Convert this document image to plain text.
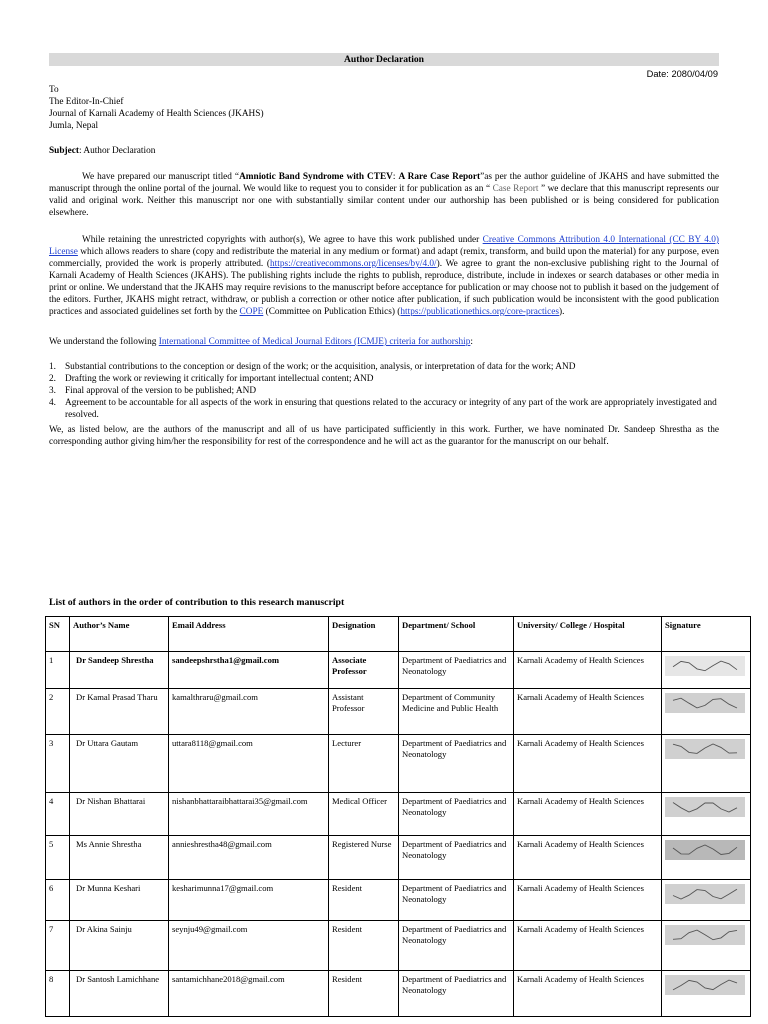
Author Declaration
Date: 2080/04/09
To
The Editor-In-Chief
Journal of Karnali Academy of Health Sciences (JKAHS)
Jumla, Nepal
Subject: Author Declaration
We have prepared our manuscript titled “Amniotic Band Syndrome with CTEV: A Rare Case Report”as per the author guideline of JKAHS and have submitted the manuscript through the online portal of the journal. We would like to request you to consider it for publication as an “ Case Report ” we declare that this manuscript represents our valid and original work. Neither this manuscript nor one with substantially similar content under our authorship has been published or is being considered for publication elsewhere.
While retaining the unrestricted copyrights with author(s), We agree to have this work published under Creative Commons Attribution 4.0 International (CC BY 4.0) License which allows readers to share (copy and redistribute the material in any medium or format) and adapt (remix, transform, and build upon the material) for any purpose, even commercially, provided the work is properly attributed. (https://creativecommons.org/licenses/by/4.0/). We agree to grant the non-exclusive publishing right to the Journal of Karnali Academy of Health Sciences (JKAHS). The publishing rights include the rights to publish, reproduce, distribute, include in indexes or search databases or other media in print or online. We understand that the JKAHS may require revisions to the manuscript before acceptance for publication or may choose not to publish it based on the judgement of the editors. Further, JKAHS might retract, withdraw, or publish a correction or other notice after publication, if such publication would be inconsistent with the good publication practices and associated guidelines set forth by the COPE (Committee on Publication Ethics) (https://publicationethics.org/core-practices).
We understand the following International Committee of Medical Journal Editors (ICMJE) criteria for authorship:
1. Substantial contributions to the conception or design of the work; or the acquisition, analysis, or interpretation of data for the work; AND
2. Drafting the work or reviewing it critically for important intellectual content; AND
3. Final approval of the version to be published; AND
4. Agreement to be accountable for all aspects of the work in ensuring that questions related to the accuracy or integrity of any part of the work are appropriately investigated and resolved.
We, as listed below, are the authors of the manuscript and all of us have participated sufficiently in this work. Further, we have nominated Dr. Sandeep Shrestha as the corresponding author giving him/her the responsibility for rest of the correspondence and he will act as the guarantor for the manuscript on our behalf.
List of authors in the order of contribution to this research manuscript
SN	Author’s Name	Email Address	Designation	Department/ School	University/ College / Hospital	Signature
1	Dr Sandeep Shrestha	sandeepshrstha1@gmail.com	Associate Professor	Department of Paediatrics and Neonatology	Karnali Academy of Health Sciences	

2	Dr Kamal Prasad Tharu	kamalthraru@gmail.com	Assistant Professor	Department of Community Medicine and Public Health	Karnali Academy of Health Sciences	

3	Dr Uttara Gautam	uttara8118@gmail.com	Lecturer	Department of Paediatrics and Neonatology	Karnali Academy of Health Sciences	

4	Dr Nishan Bhattarai	nishanbhattaraibhattarai35@gmail.com	Medical Officer	Department of Paediatrics and Neonatology	Karnali Academy of Health Sciences	

5	Ms Annie Shrestha	annieshrestha48@gmail.com	Registered Nurse	Department of Paediatrics and Neonatology	Karnali Academy of Health Sciences	

6	Dr Munna Keshari	kesharimunna17@gmail.com	Resident	Department of Paediatrics and Neonatology	Karnali Academy of Health Sciences	

7	Dr Akina Sainju	seynju49@gmail.com	Resident	Department of Paediatrics and Neonatology	Karnali Academy of Health Sciences	

8	Dr Santosh Lamichhane	santamichhane2018@gmail.com	Resident	Department of Paediatrics and Neonatology	Karnali Academy of Health Sciences	
